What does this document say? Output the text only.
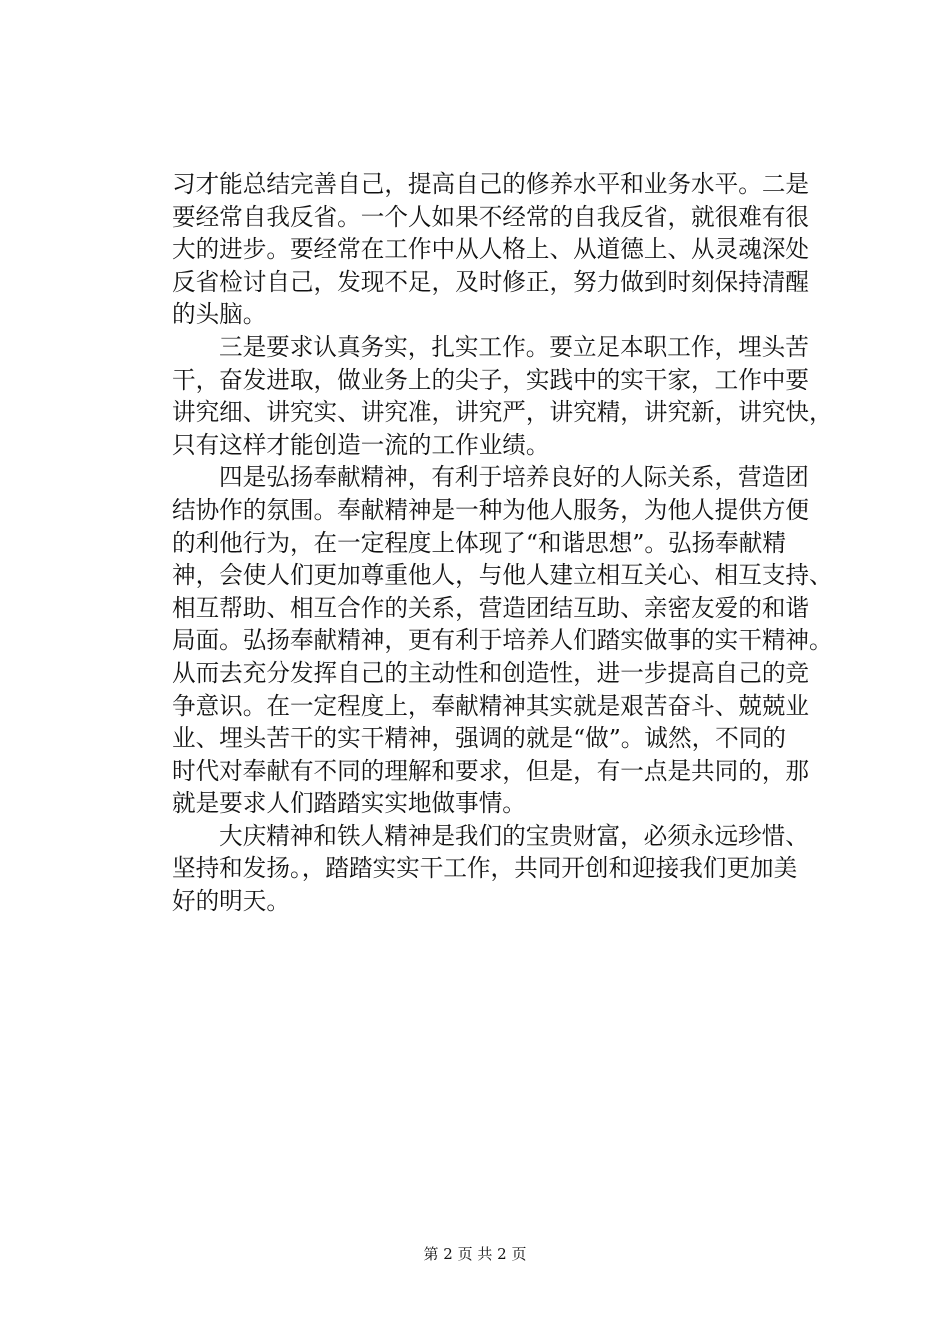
习才能总结完善自己，提高自己的修养水平和业务水平。二是
要经常自我反省。一个人如果不经常的自我反省，就很难有很
大的进步。要经常在工作中从人格上、从道德上、从灵魂深处
反省检讨自己，发现不足，及时修正，努力做到时刻保持清醒
的头脑。
三是要求认真务实，扎实工作。要立足本职工作，埋头苦
干，奋发进取，做业务上的尖子，实践中的实干家，工作中要
讲究细、讲究实、讲究准，讲究严，讲究精，讲究新，讲究快，
只有这样才能创造一流的工作业绩。
四是弘扬奉献精神，有利于培养良好的人际关系，营造团
结协作的氛围。奉献精神是一种为他人服务，为他人提供方便
的利他行为，在一定程度上体现了“和谐思想”。弘扬奉献精
神，会使人们更加尊重他人，与他人建立相互关心、相互支持、
相互帮助、相互合作的关系，营造团结互助、亲密友爱的和谐
局面。弘扬奉献精神，更有利于培养人们踏实做事的实干精神。
从而去充分发挥自己的主动性和创造性，进一步提高自己的竞
争意识。在一定程度上，奉献精神其实就是艰苦奋斗、兢兢业
业、埋头苦干的实干精神，强调的就是“做”。诚然，不同的
时代对奉献有不同的理解和要求，但是，有一点是共同的，那
就是要求人们踏踏实实地做事情。
大庆精神和铁人精神是我们的宝贵财富，必须永远珍惜、
坚持和发扬。，踏踏实实干工作，共同开创和迎接我们更加美
好的明天。
第 2 页 共 2 页
